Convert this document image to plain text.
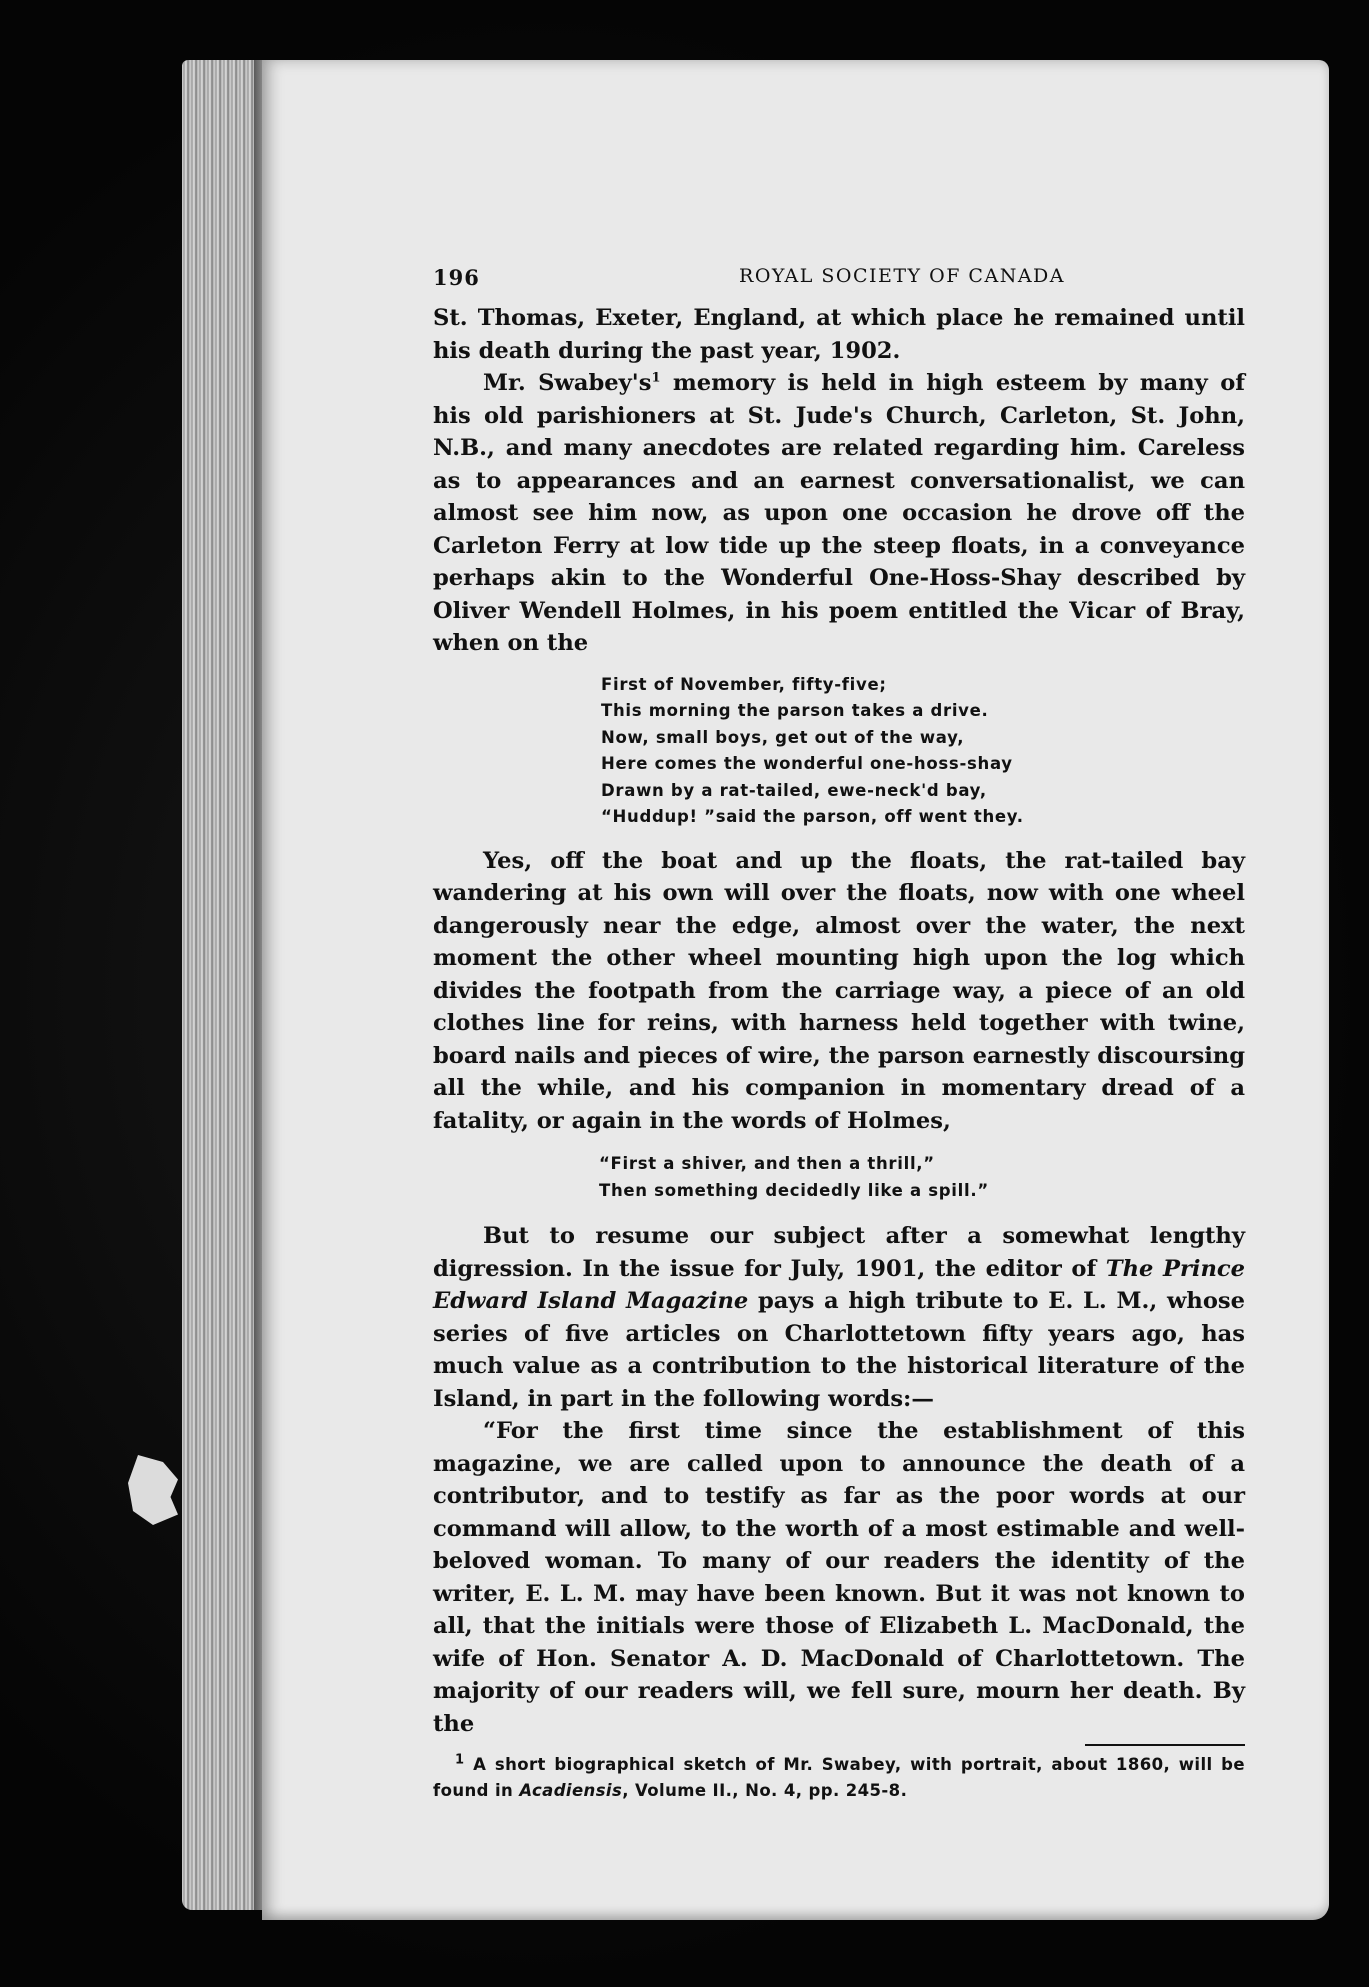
196	ROYAL SOCIETY OF CANADA

St. Thomas, Exeter, England, at which place he remained until his death during the past year, 1902.

Mr. Swabey's$^1$ memory is held in high esteem by many of his old parishioners at St. Jude's Church, Carleton, St. John, N.B., and many anecdotes are related regarding him. Careless as to appearances and an earnest conversationalist, we can almost see him now, as upon one occasion he drove off the Carleton Ferry at low tide up the steep floats, in a conveyance perhaps akin to the Wonderful One-Hoss-Shay described by Oliver Wendell Holmes, in his poem entitled the Vicar of Bray, when on the

First of November, fifty-five;
This morning the parson takes a drive.
Now, small boys, get out of the way,
Here comes the wonderful one-hoss-shay
Drawn by a rat-tailed, ewe-neck'd bay,
“Huddup! ”said the parson, off went they.

Yes, off the boat and up the floats, the rat-tailed bay wandering at his own will over the floats, now with one wheel dangerously near the edge, almost over the water, the next moment the other wheel mounting high upon the log which divides the footpath from the carriage way, a piece of an old clothes line for reins, with harness held together with twine, board nails and pieces of wire, the parson earnestly discoursing all the while, and his companion in momentary dread of a fatality, or again in the words of Holmes,

“First a shiver, and then a thrill,”
Then something decidedly like a spill.”

But to resume our subject after a somewhat lengthy digression. In the issue for July, 1901, the editor of The Prince Edward Island Magazine pays a high tribute to E. L. M., whose series of five articles on Charlottetown fifty years ago, has much value as a contribution to the historical literature of the Island, in part in the following words:—

“For the first time since the establishment of this magazine, we are called upon to announce the death of a contributor, and to testify as far as the poor words at our command will allow, to the worth of a most estimable and well-beloved woman. To many of our readers the identity of the writer, E. L. M. may have been known. But it was not known to all, that the initials were those of Elizabeth L. MacDonald, the wife of Hon. Senator A. D. MacDonald of Charlottetown. The majority of our readers will, we fell sure, mourn her death. By the

$^1$ A short biographical sketch of Mr. Swabey, with portrait, about 1860, will be found in Acadiensis, Volume II., No. 4, pp. 245-8.
